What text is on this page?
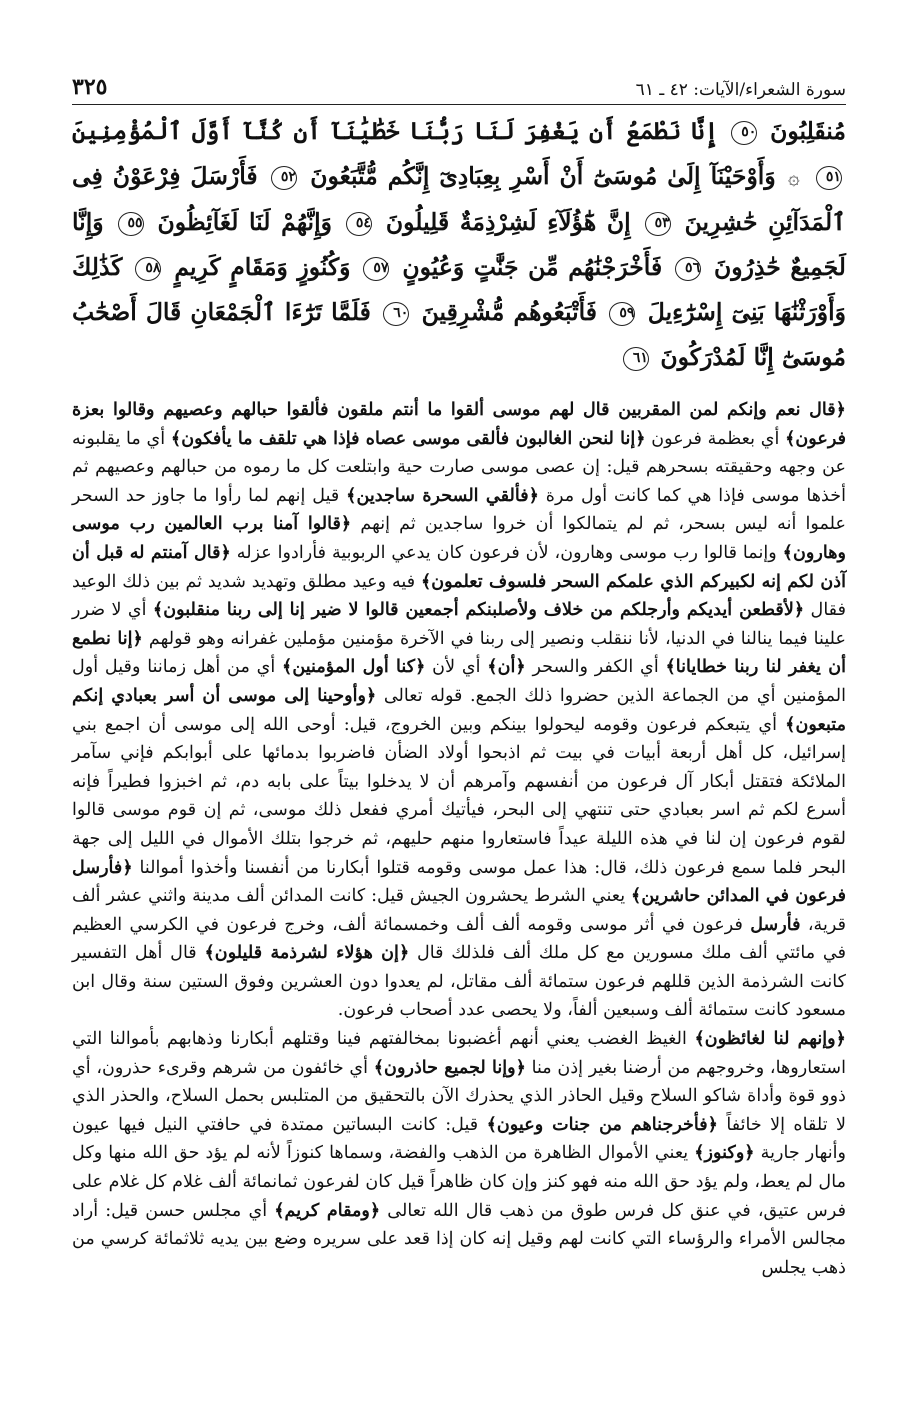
سورة الشعراء/الآيات: ٤٢ ـ ٦١
٣٢٥
مُنقَلِبُونَ ٥٠ إِنَّا نَطْمَعُ أَن يَغْفِرَ لَنَا رَبُّنَا خَطَٰيَٰنَآ أَن كُنَّآ أَوَّلَ ٱلْمُؤْمِنِينَ ٥١ ۞ وَأَوْحَيْنَآ إِلَىٰ مُوسَىٰٓ أَنْ أَسْرِ بِعِبَادِىٓ إِنَّكُم مُّتَّبَعُونَ ٥٢ فَأَرْسَلَ فِرْعَوْنُ فِى ٱلْمَدَآئِنِ حَٰشِرِينَ ٥٣ إِنَّ هَٰٓؤُلَآءِ لَشِرْذِمَةٌ قَلِيلُونَ ٥٤ وَإِنَّهُمْ لَنَا لَغَآئِظُونَ ٥٥ وَإِنَّا لَجَمِيعٌ حَٰذِرُونَ ٥٦ فَأَخْرَجْنَٰهُم مِّن جَنَّٰتٍ وَعُيُونٍ ٥٧ وَكُنُوزٍ وَمَقَامٍ كَرِيمٍ ٥٨ كَذَٰلِكَ وَأَوْرَثْنَٰهَا بَنِىٓ إِسْرَٰٓءِيلَ ٥٩ فَأَتْبَعُوهُم مُّشْرِقِينَ ٦٠ فَلَمَّا تَرَٰٓءَا ٱلْجَمْعَانِ قَالَ أَصْحَٰبُ مُوسَىٰٓ إِنَّا لَمُدْرَكُونَ ٦١

﴿قال نعم وإنكم لمن المقربين قال لهم موسى ألقوا ما أنتم ملقون فألقوا حبالهم وعصيهم وقالوا بعزة فرعون﴾ أي بعظمة فرعون ﴿إنا لنحن الغالبون فألقى موسى عصاه فإذا هي تلقف ما يأفكون﴾ أي ما يقلبونه عن وجهه وحقيقته بسحرهم قيل: إن عصى موسى صارت حية وابتلعت كل ما رموه من حبالهم وعصيهم ثم أخذها موسى فإذا هي كما كانت أول مرة ﴿فألقي السحرة ساجدين﴾ قيل إنهم لما رأوا ما جاوز حد السحر علموا أنه ليس بسحر، ثم لم يتمالكوا أن خروا ساجدين ثم إنهم ﴿قالوا آمنا برب العالمين رب موسى وهارون﴾ وإنما قالوا رب موسى وهارون، لأن فرعون كان يدعي الربوبية فأرادوا عزله ﴿قال آمنتم له قبل أن آذن لكم إنه لكبيركم الذي علمكم السحر فلسوف تعلمون﴾ فيه وعيد مطلق وتهديد شديد ثم بين ذلك الوعيد فقال ﴿لأقطعن أيديكم وأرجلكم من خلاف ولأصلبنكم أجمعين قالوا لا ضير إنا إلى ربنا منقلبون﴾ أي لا ضرر علينا فيما ينالنا في الدنيا، لأنا ننقلب ونصير إلى ربنا في الآخرة مؤمنين مؤملين غفرانه وهو قولهم ﴿إنا نطمع أن يغفر لنا ربنا خطايانا﴾ أي الكفر والسحر ﴿أن﴾ أي لأن ﴿كنا أول المؤمنين﴾ أي من أهل زماننا وقيل أول المؤمنين أي من الجماعة الذين حضروا ذلك الجمع. قوله تعالى ﴿وأوحينا إلى موسى أن أسر بعبادي إنكم متبعون﴾ أي يتبعكم فرعون وقومه ليحولوا بينكم وبين الخروج، قيل: أوحى الله إلى موسى أن اجمع بني إسرائيل، كل أهل أربعة أبيات في بيت ثم اذبحوا أولاد الضأن فاضربوا بدمائها على أبوابكم فإني سآمر الملائكة فتقتل أبكار آل فرعون من أنفسهم وآمرهم أن لا يدخلوا بيتاً على بابه دم، ثم اخبزوا فطيراً فإنه أسرع لكم ثم اسر بعبادي حتى تنتهي إلى البحر، فيأتيك أمري ففعل ذلك موسى، ثم إن قوم موسى قالوا لقوم فرعون إن لنا في هذه الليلة عيداً فاستعاروا منهم حليهم، ثم خرجوا بتلك الأموال في الليل إلى جهة البحر فلما سمع فرعون ذلك، قال: هذا عمل موسى وقومه قتلوا أبكارنا من أنفسنا وأخذوا أموالنا ﴿فأرسل فرعون في المدائن حاشرين﴾ يعني الشرط يحشرون الجيش قيل: كانت المدائن ألف مدينة واثني عشر ألف قرية، فأرسل فرعون في أثر موسى وقومه ألف ألف وخمسمائة ألف، وخرج فرعون في الكرسي العظيم في مائتي ألف ملك مسورين مع كل ملك ألف فلذلك قال ﴿إن هؤلاء لشرذمة قليلون﴾ قال أهل التفسير كانت الشرذمة الذين قللهم فرعون ستمائة ألف مقاتل، لم يعدوا دون العشرين وفوق الستين سنة وقال ابن مسعود كانت ستمائة ألف وسبعين ألفاً، ولا يحصى عدد أصحاب فرعون.

﴿وإنهم لنا لغائظون﴾ الغيظ الغضب يعني أنهم أغضبونا بمخالفتهم فينا وقتلهم أبكارنا وذهابهم بأموالنا التي استعاروها، وخروجهم من أرضنا بغير إذن منا ﴿وإنا لجميع حاذرون﴾ أي خائفون من شرهم وقرىء حذرون، أي ذوو قوة وأداة شاكو السلاح وقيل الحاذر الذي يحذرك الآن بالتحقيق من المتلبس بحمل السلاح، والحذر الذي لا تلقاه إلا خائفاً ﴿فأخرجناهم من جنات وعيون﴾ قيل: كانت البساتين ممتدة في حافتي النيل فيها عيون وأنهار جارية ﴿وكنوز﴾ يعني الأموال الظاهرة من الذهب والفضة، وسماها كنوزاً لأنه لم يؤد حق الله منها وكل مال لم يعط، ولم يؤد حق الله منه فهو كنز وإن كان ظاهراً قيل كان لفرعون ثمانمائة ألف غلام كل غلام على فرس عتيق، في عنق كل فرس طوق من ذهب قال الله تعالى ﴿ومقام كريم﴾ أي مجلس حسن قيل: أراد مجالس الأمراء والرؤساء التي كانت لهم وقيل إنه كان إذا قعد على سريره وضع بين يديه ثلاثمائة كرسي من ذهب يجلس
